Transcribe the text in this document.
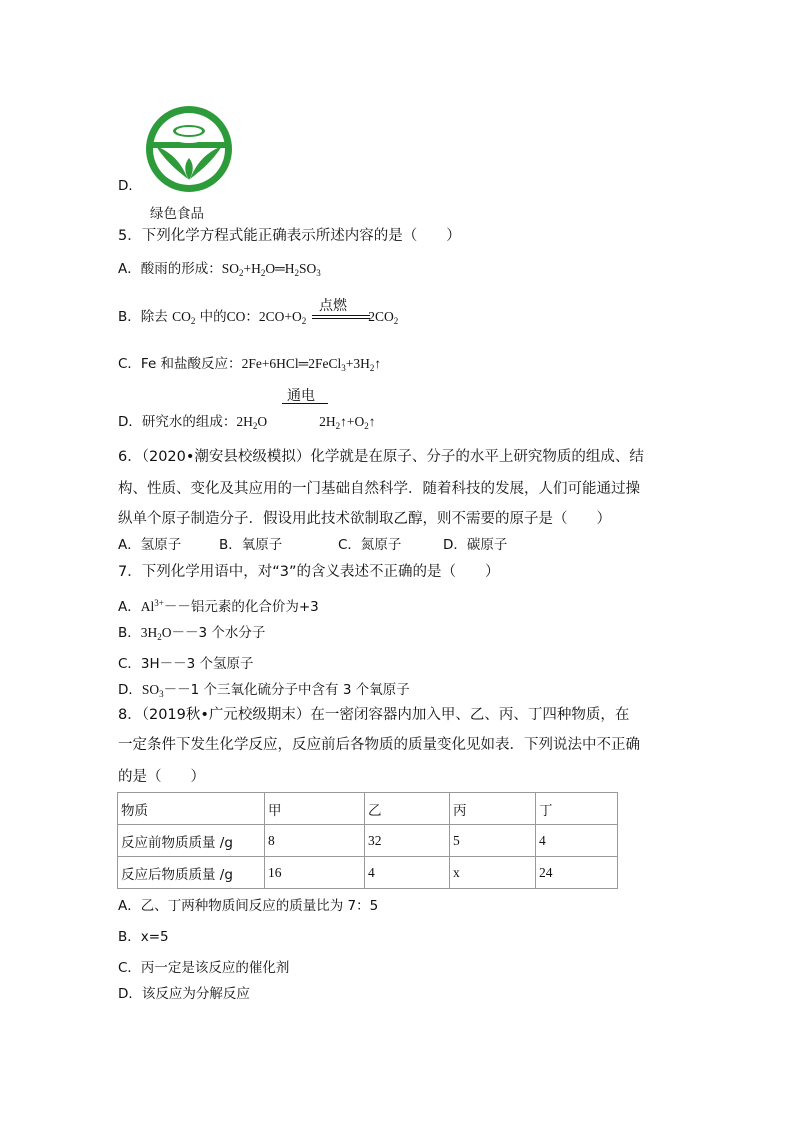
D．
绿色食品
5．下列化学方程式能正确表示所述内容的是（　　）
A．酸雨的形成：$SO_2+H_2O═H_2SO_3$
B．除去 $CO_2$ 中的CO：$2CO+O_2$	$2CO_2$
点燃
C．Fe 和盐酸反应：$2Fe+6HCl═2FeCl_3+3H_2↑$
通电
D．研究水的组成：$2H_2O$	$2H_2↑+O_2↑$
6．（2020•潮安县校级模拟）化学就是在原子、分子的水平上研究物质的组成、结
构、性质、变化及其应用的一门基础自然科学．随着科技的发展，人们可能通过操
纵单个原子制造分子．假设用此技术欲制取乙醇，则不需要的原子是（　　）
A．氢原子	B．氧原子	C．氮原子	D．碳原子
7．下列化学用语中，对“3”的含义表述不正确的是（　　）
A．$Al^{3+}--$铝元素的化合价为+3
B．$3H_2O--3$ 个水分子
C．3H－－3 个氢原子
D．$SO_3--1$ 个三氧化硫分子中含有 3 个氧原子
8．（2019秋•广元校级期末）在一密闭容器内加入甲、乙、丙、丁四种物质，在
一定条件下发生化学反应，反应前后各物质的质量变化见如表．下列说法中不正确
的是（　　）
物质	甲	乙	丙	丁
反应前物质质量 /g	8	32	5	4
反应后物质质量 /g	16	4	x	24
A．乙、丁两种物质间反应的质量比为 7：5
B．x=5
C．丙一定是该反应的催化剂
D．该反应为分解反应
